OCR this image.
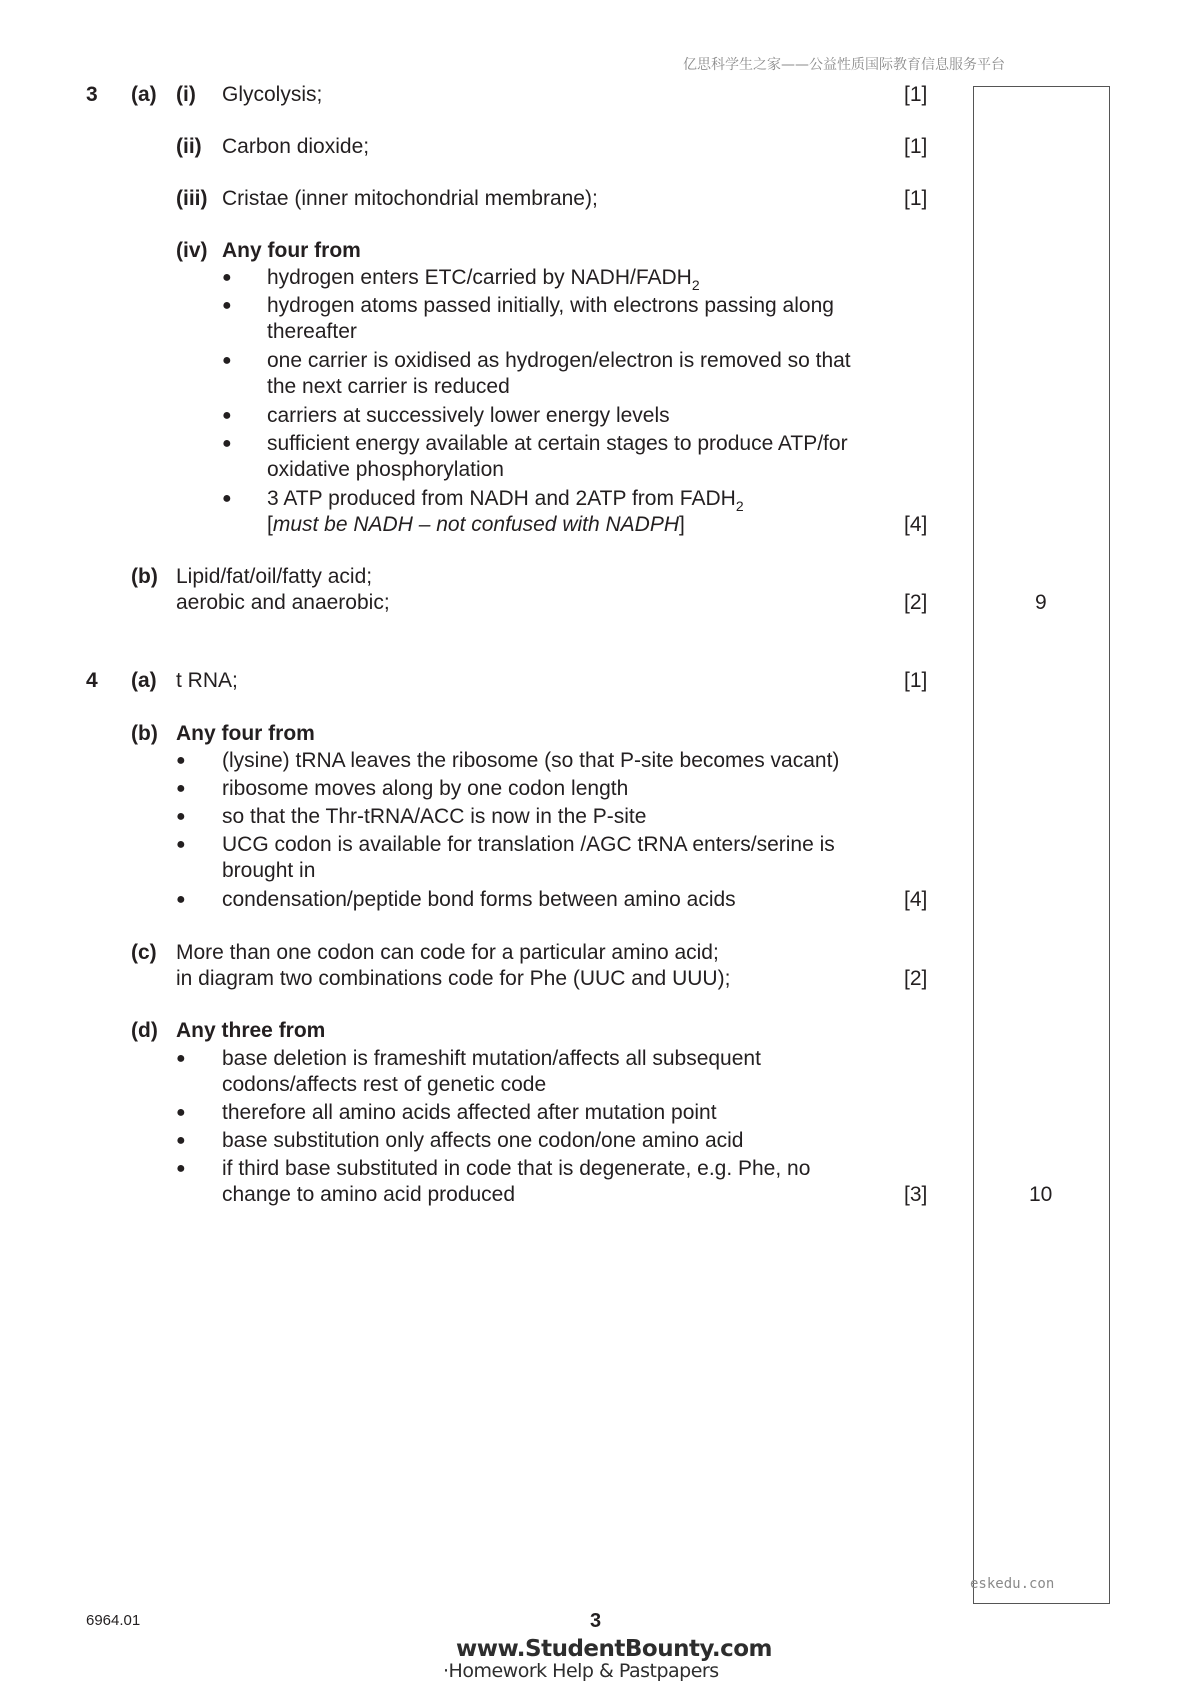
亿思科学生之家——公益性质国际教育信息服务平台
3 (a) (i) Glycolysis;	[1]
(ii) Carbon dioxide;	[1]
(iii) Cristae (inner mitochondrial membrane);	[1]
(iv) Any four from
● hydrogen enters ETC/carried by NADH/$FADH_2$
● hydrogen atoms passed initially, with electrons passing along
thereafter
● one carrier is oxidised as hydrogen/electron is removed so that
the next carrier is reduced
● carriers at successively lower energy levels
● sufficient energy available at certain stages to produce ATP/for
oxidative phosphorylation
● 3 ATP produced from NADH and 2ATP from $FADH_2$
[must be NADH – not confused with NADPH]	[4]
(b) Lipid/fat/oil/fatty acid;
aerobic and anaerobic;	[2]	9
4 (a) t RNA;	[1]
(b) Any four from
● (lysine) tRNA leaves the ribosome (so that P-site becomes vacant)
● ribosome moves along by one codon length
● so that the Thr-tRNA/ACC is now in the P-site
● UCG codon is available for translation /AGC tRNA enters/serine is
brought in
● condensation/peptide bond forms between amino acids	[4]
(c) More than one codon can code for a particular amino acid;
in diagram two combinations code for Phe (UUC and UUU);	[2]
(d) Any three from
● base deletion is frameshift mutation/affects all subsequent
codons/affects rest of genetic code
● therefore all amino acids affected after mutation point
● base substitution only affects one codon/one amino acid
● if third base substituted in code that is degenerate, e.g. Phe, no
change to amino acid produced	[3]	10
eskedu.con
6964.01	3
www.StudentBounty.com
·Homework Help & Pastpapers
